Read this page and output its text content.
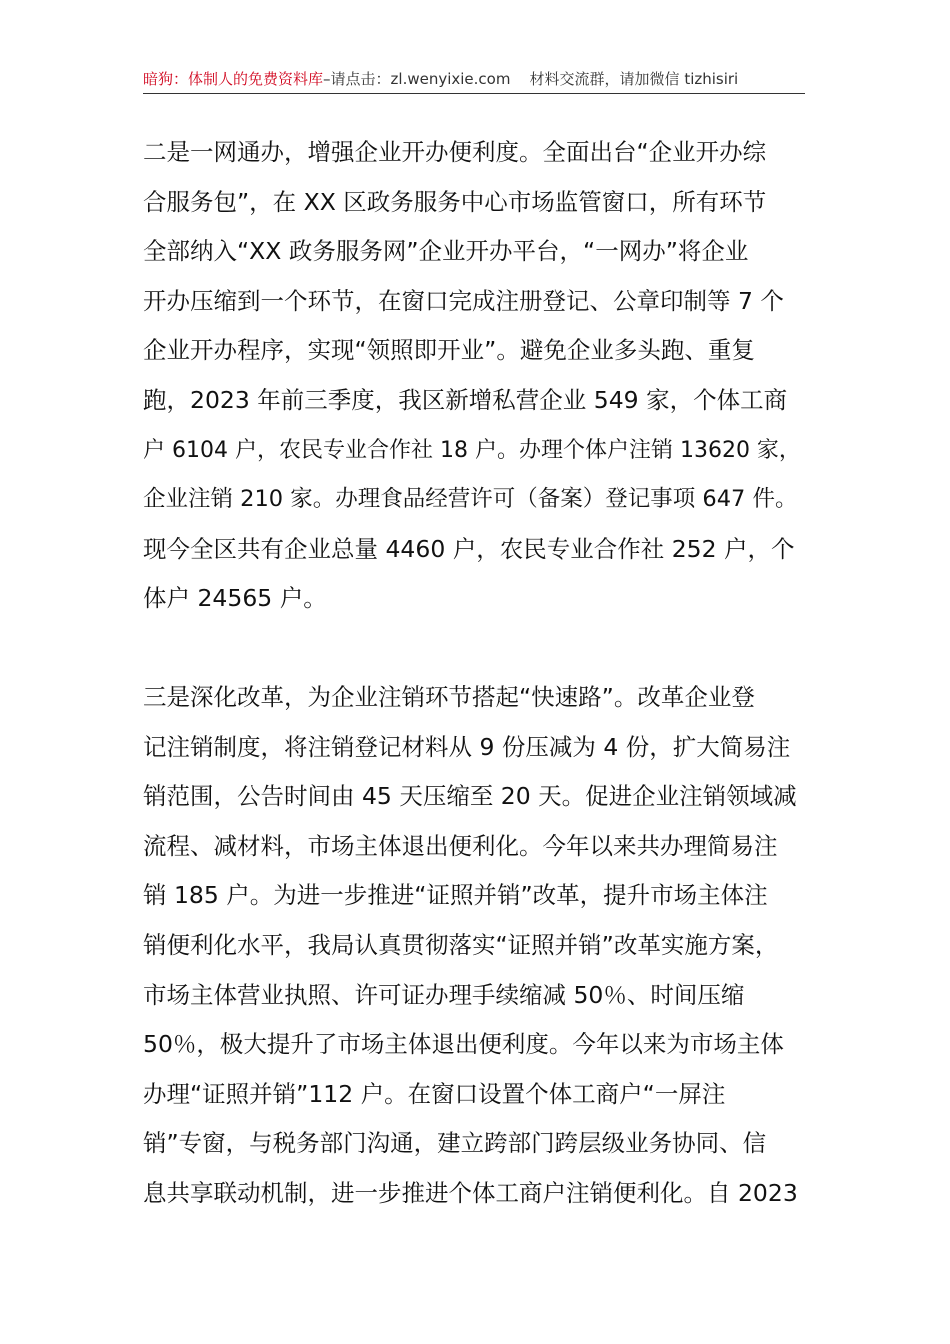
暗狗：体制人的免费资料库–请点击：zl.wenyixie.com 材料交流群，请加微信 tizhisiri
二是一网通办，增强企业开办便利度。全面出台“企业开办综
合服务包”，在 XX 区政务服务中心市场监管窗口，所有环节
全部纳入“XX 政务服务网”企业开办平台，“一网办”将企业
开办压缩到一个环节，在窗口完成注册登记、公章印制等 7 个
企业开办程序，实现“领照即开业”。避免企业多头跑、重复
跑，2023 年前三季度，我区新增私营企业 549 家，个体工商
户 6104 户，农民专业合作社 18 户。办理个体户注销 13620 家，
企业注销 210 家。办理食品经营许可（备案）登记事项 647 件。
现今全区共有企业总量 4460 户，农民专业合作社 252 户，个
体户 24565 户。
三是深化改革，为企业注销环节搭起“快速路”。改革企业登
记注销制度，将注销登记材料从 9 份压减为 4 份，扩大简易注
销范围，公告时间由 45 天压缩至 20 天。促进企业注销领域减
流程、减材料，市场主体退出便利化。今年以来共办理简易注
销 185 户。为进一步推进“证照并销”改革，提升市场主体注
销便利化水平，我局认真贯彻落实“证照并销”改革实施方案，
市场主体营业执照、许可证办理手续缩减 50％、时间压缩
50％，极大提升了市场主体退出便利度。今年以来为市场主体
办理“证照并销”112 户。在窗口设置个体工商户“一屏注
销”专窗，与税务部门沟通，建立跨部门跨层级业务协同、信
息共享联动机制，进一步推进个体工商户注销便利化。自 2023
